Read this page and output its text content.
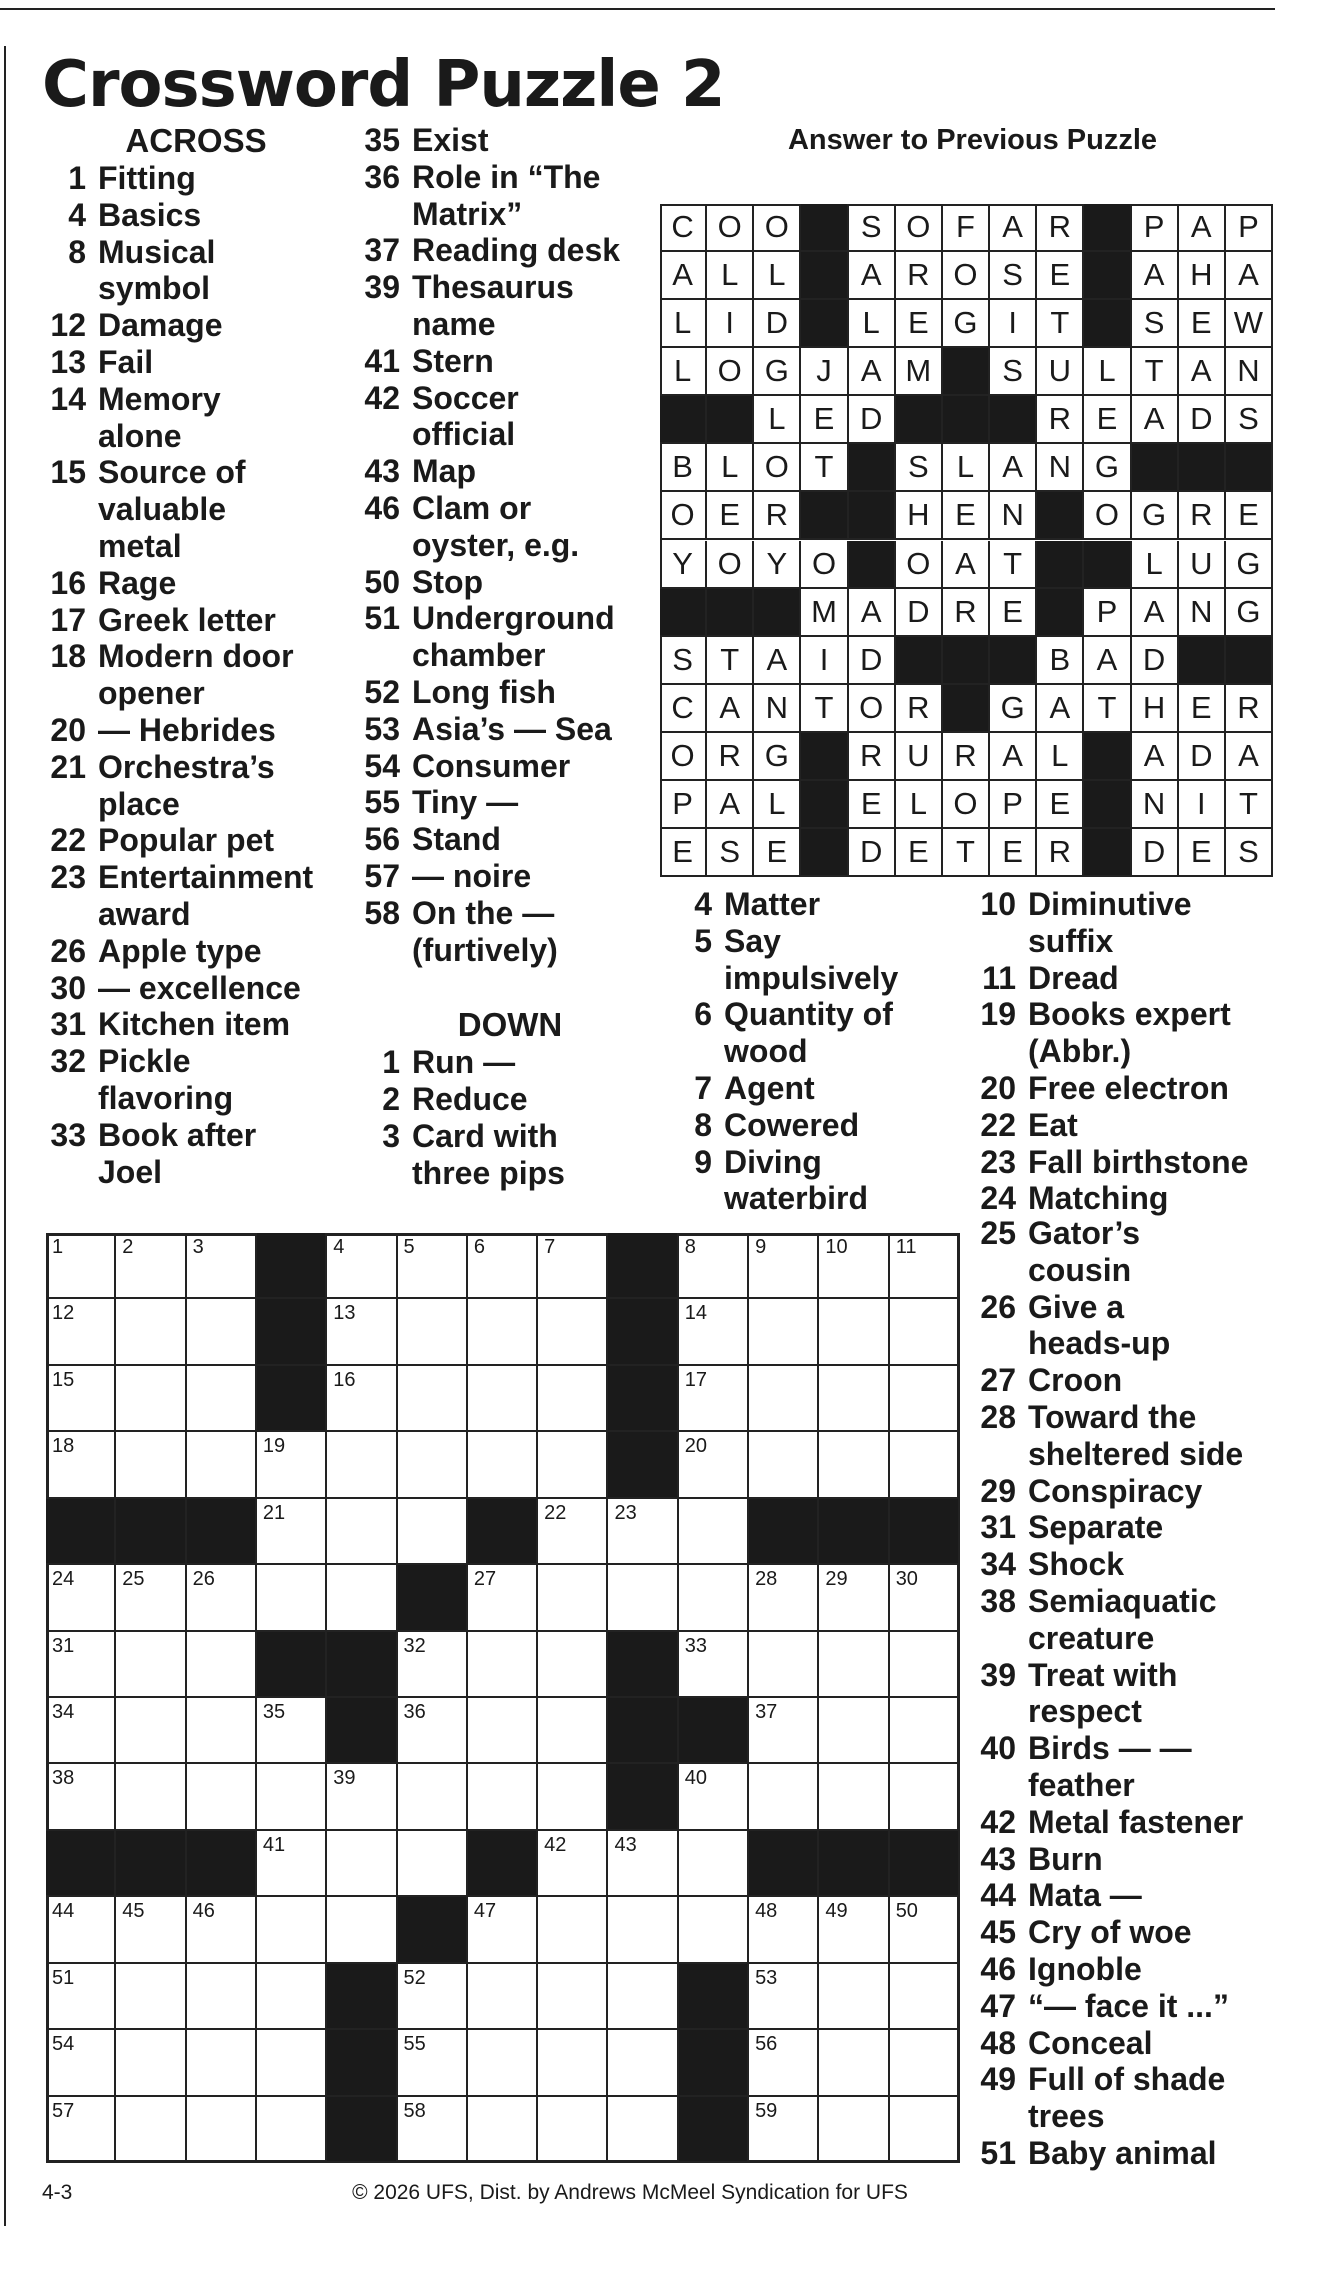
Crossword Puzzle 2
ACROSS
1 Fitting
4 Basics
8 Musical
symbol
12 Damage
13 Fail
14 Memory
alone
15 Source of
valuable
metal
16 Rage
17 Greek letter
18 Modern door
opener
20 — Hebrides
21 Orchestra’s
place
22 Popular pet
23 Entertainment
award
26 Apple type
30 — excellence
31 Kitchen item
32 Pickle
flavoring
33 Book after
Joel
35 Exist
36 Role in “The
Matrix”
37 Reading desk
39 Thesaurus
name
41 Stern
42 Soccer
official
43 Map
46 Clam or
oyster, e.g.
50 Stop
51 Underground
chamber
52 Long fish
53 Asia’s — Sea
54 Consumer
55 Tiny —
56 Stand
57 — noire
58 On the —
(furtively)
DOWN
1 Run —
2 Reduce
3 Card with
three pips
Answer to Previous Puzzle
C O O	S O F A R	P A P
A L L	A R O S E	A H A
L	I	D	L E G I	T	S E W
L O G J A M	S U L T A N
L E D	R E A D S
B L O T	S L A N G
O E R	H E N	O G R E
Y O Y O	O A T	L U G
M A D R E	P A N G
S T A	I	D	B A D
C A N T O R	G A T H E R
O R G	R U R A L	A D A
P A L	E L O P E	N	I	T
E S E	D E T E R	D E S
4 Matter
5 Say
impulsively
6 Quantity of
wood
7 Agent
8 Cowered
9 Diving
waterbird
10 Diminutive
suffix
11 Dread
19 Books expert
(Abbr.)
20 Free electron
22 Eat
23 Fall birthstone
24 Matching
25 Gator’s
cousin
26 Give a
heads-up
27 Croon
28 Toward the
sheltered side
29 Conspiracy
31 Separate
34 Shock
38 Semiaquatic
creature
39 Treat with
respect
40 Birds — —
feather
42 Metal fastener
43 Burn
44 Mata —
45 Cry of woe
46 Ignoble
47 “— face it ...”
48 Conceal
49 Full of shade
trees
51 Baby animal
1	2	3	4	5	6	7	8	9	10 11
12	13	14
15	16	17
18	19	20
21	22 23
24 25 26	27	28 29 30
31	32	33
34	35	36	37
38	39	40
41	42 43
44 45 46	47	48 49 50
51	52	53
54	55	56
57	58	59
4-3	© 2026 UFS, Dist. by Andrews McMeel Syndication for UFS
